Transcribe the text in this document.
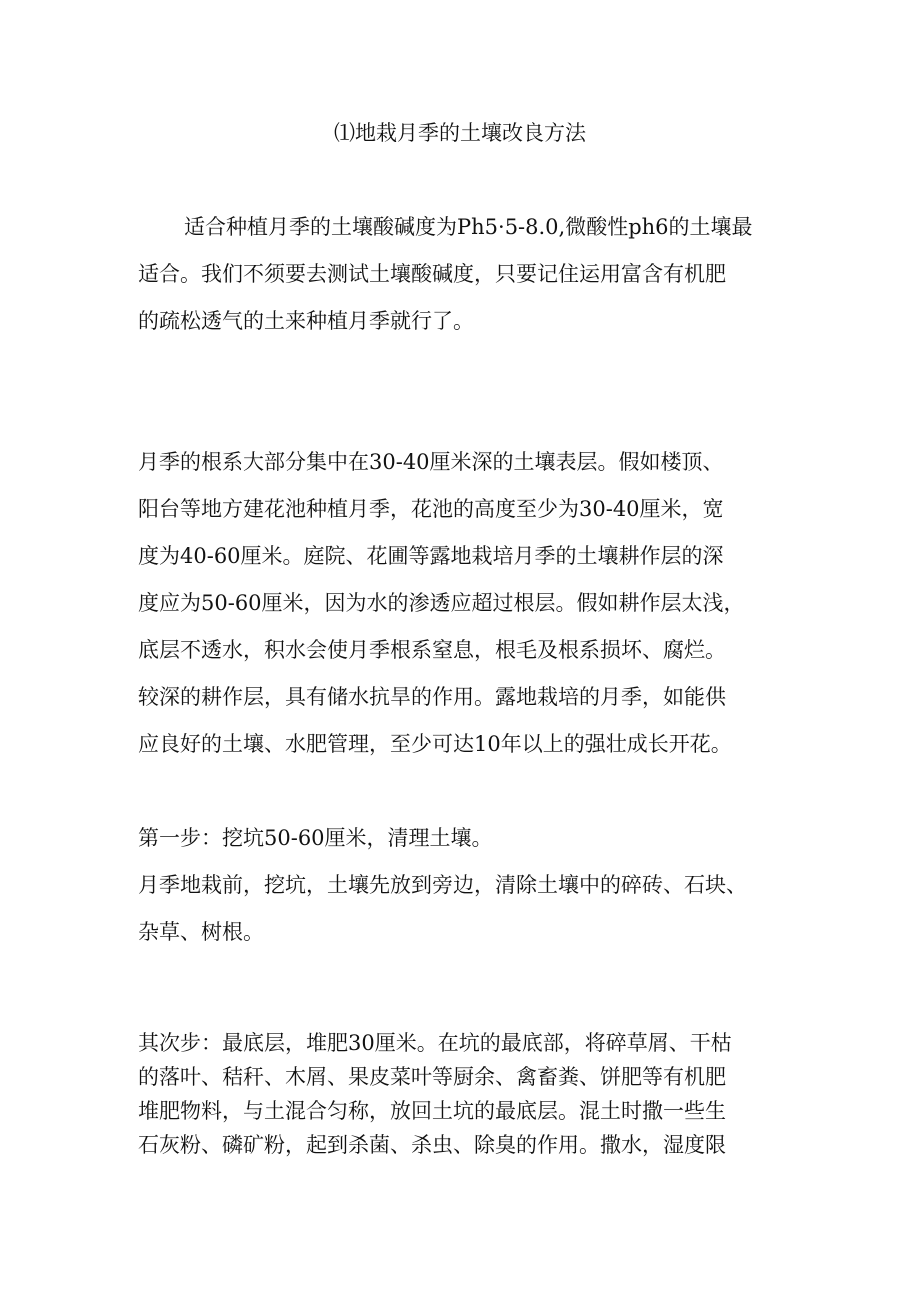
⑴地栽月季的土壤改良方法
适合种植月季的土壤酸碱度为Ph5·5-8.0,微酸性ph6的土壤最
适合。我们不须要去测试土壤酸碱度，只要记住运用富含有机肥
的疏松透气的土来种植月季就行了。
月季的根系大部分集中在30-40厘米深的土壤表层。假如楼顶、
阳台等地方建花池种植月季，花池的高度至少为30-40厘米，宽
度为40-60厘米。庭院、花圃等露地栽培月季的土壤耕作层的深
度应为50-60厘米，因为水的渗透应超过根层。假如耕作层太浅，
底层不透水，积水会使月季根系窒息，根毛及根系损坏、腐烂。
较深的耕作层，具有储水抗旱的作用。露地栽培的月季，如能供
应良好的土壤、水肥管理，至少可达10年以上的强壮成长开花。
第一步：挖坑50-60厘米，清理土壤。
月季地栽前，挖坑，土壤先放到旁边，清除土壤中的碎砖、石块、
杂草、树根。
其次步：最底层，堆肥30厘米。在坑的最底部，将碎草屑、干枯
的落叶、秸秆、木屑、果皮菜叶等厨余、禽畜粪、饼肥等有机肥
堆肥物料，与土混合匀称，放回土坑的最底层。混土时撒一些生
石灰粉、磷矿粉，起到杀菌、杀虫、除臭的作用。撒水，湿度限
